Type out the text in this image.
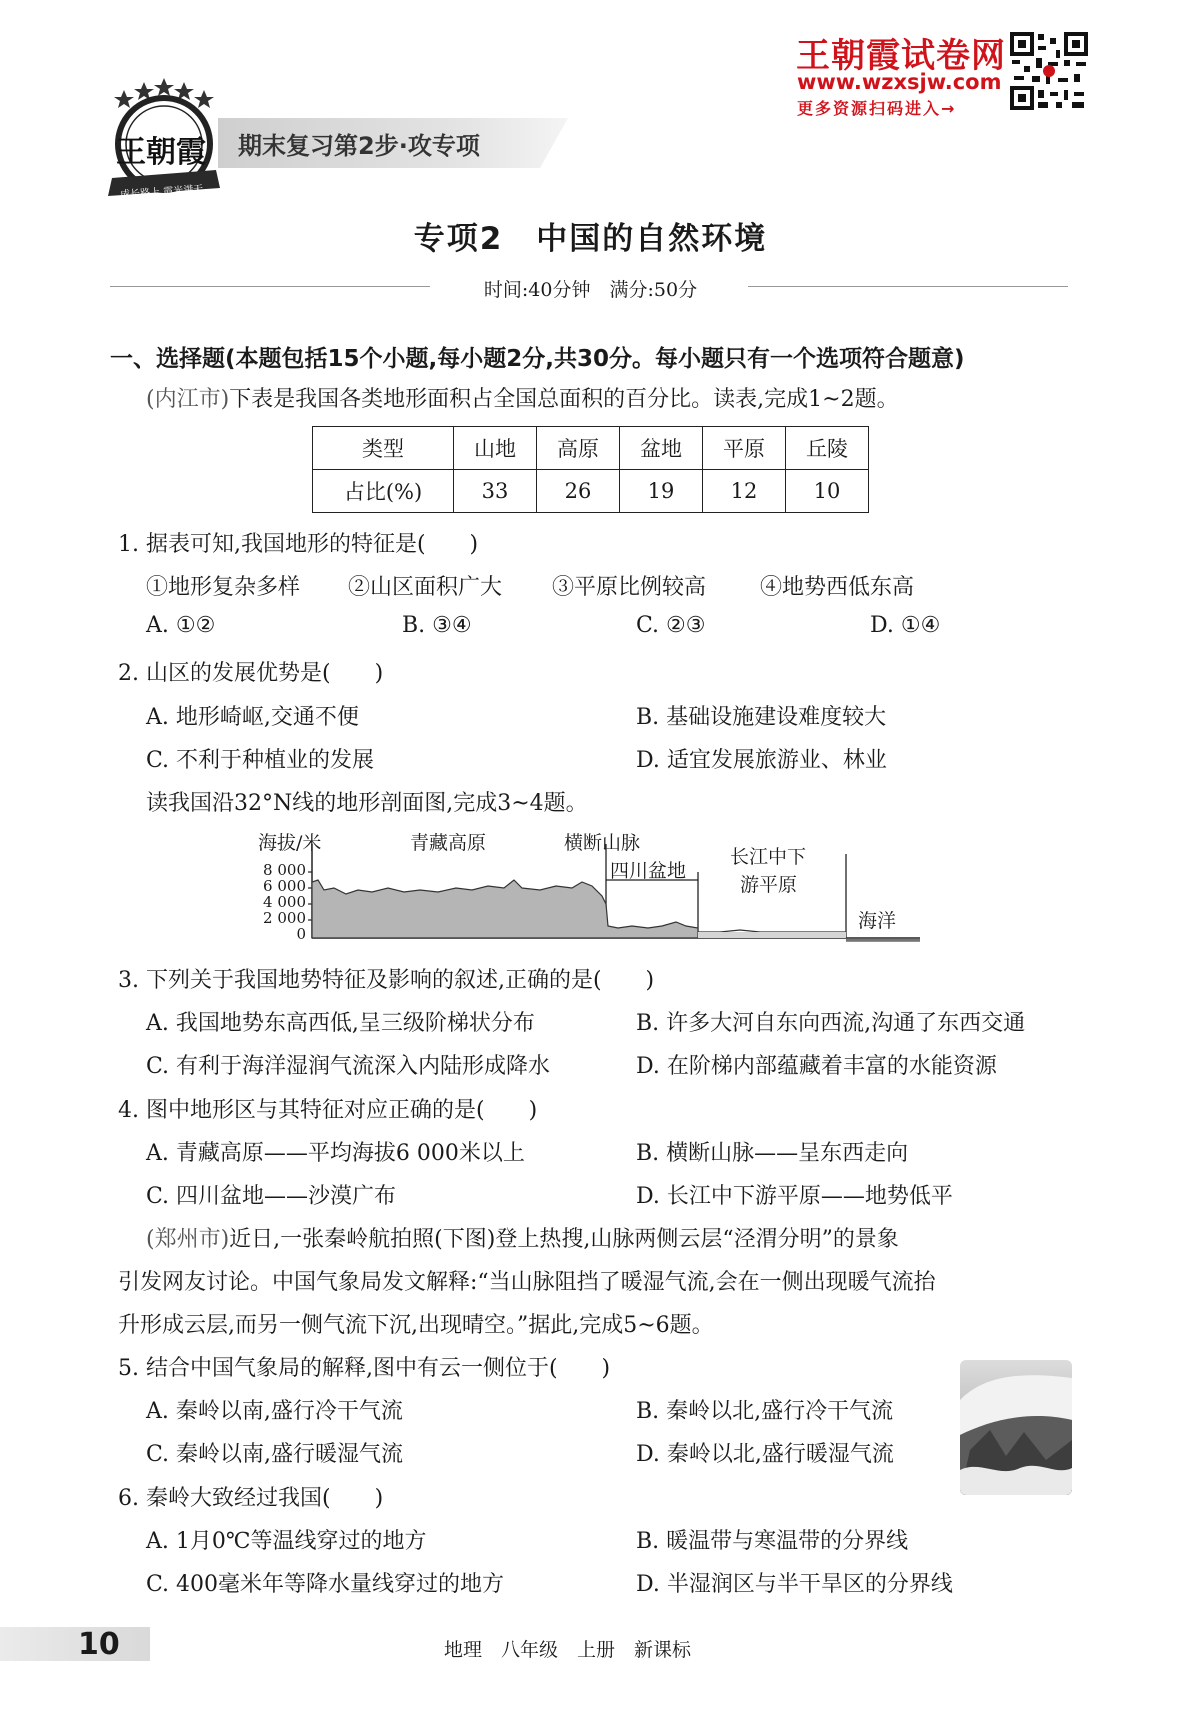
王朝霞
成长路上 霞光满天
期末复习第2步·攻专项
王朝霞试卷网
www.wzxsjw.com
更多资源扫码进入→
专项2　中国的自然环境
时间:40分钟　满分:50分
一、选择题(本题包括15个小题,每小题2分,共30分。每小题只有一个选项符合题意)
(内江市)下表是我国各类地形面积占全国总面积的百分比。读表,完成1~2题。
类型	山地	高原	盆地	平原	丘陵
占比(%)	33	26	19	12	10
1. 据表可知,我国地形的特征是(　　)
①地形复杂多样 ②山区面积广大 ③平原比例较高 ④地势西低东高
A. ①②	B. ③④	C. ②③	D. ①④
2. 山区的发展优势是(　　)
A. 地形崎岖,交通不便	B. 基础设施建设难度较大
C. 不利于种植业的发展	D. 适宜发展旅游业、林业
读我国沿32°N线的地形剖面图,完成3~4题。
海拔/米	青藏高原	横断山脉
四川盆地
长江中下
游平原
海洋
8 000
6 000
4 000
2 000
0
3. 下列关于我国地势特征及影响的叙述,正确的是(　　)
A. 我国地势东高西低,呈三级阶梯状分布	B. 许多大河自东向西流,沟通了东西交通
C. 有利于海洋湿润气流深入内陆形成降水	D. 在阶梯内部蕴藏着丰富的水能资源
4. 图中地形区与其特征对应正确的是(　　)
A. 青藏高原——平均海拔6 000米以上	B. 横断山脉——呈东西走向
C. 四川盆地——沙漠广布	D. 长江中下游平原——地势低平
(郑州市)近日,一张秦岭航拍照(下图)登上热搜,山脉两侧云层“泾渭分明”的景象
引发网友讨论。中国气象局发文解释:“当山脉阻挡了暖湿气流,会在一侧出现暖气流抬
升形成云层,而另一侧气流下沉,出现晴空。”据此,完成5~6题。
5. 结合中国气象局的解释,图中有云一侧位于(　　)
A. 秦岭以南,盛行冷干气流	B. 秦岭以北,盛行冷干气流
C. 秦岭以南,盛行暖湿气流	D. 秦岭以北,盛行暖湿气流
6. 秦岭大致经过我国(　　)
A. 1月0℃等温线穿过的地方	B. 暖温带与寒温带的分界线
C. 400毫米年等降水量线穿过的地方	D. 半湿润区与半干旱区的分界线
10	地理　八年级　上册　新课标
